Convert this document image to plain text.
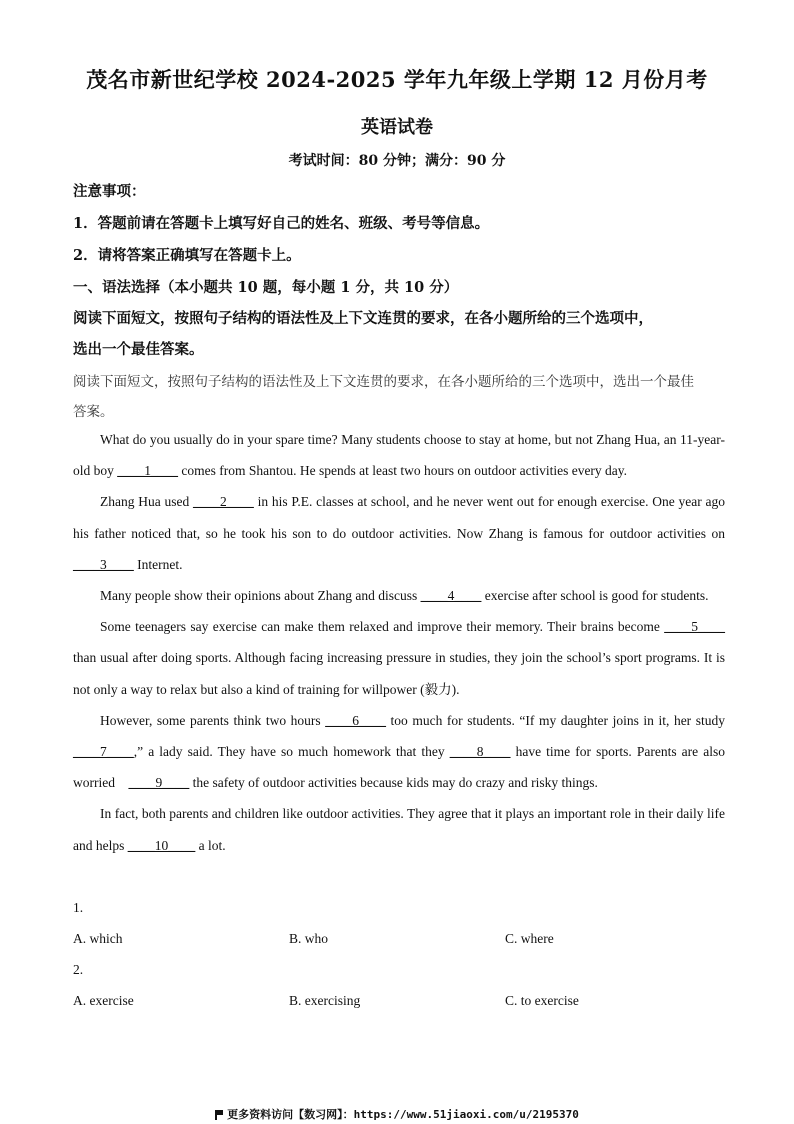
茂名市新世纪学校 2024-2025 学年九年级上学期 12 月份月考
英语试卷
考试时间：80 分钟；满分：90 分
注意事项：
1．答题前请在答题卡上填写好自己的姓名、班级、考号等信息。
2．请将答案正确填写在答题卡上。
一、语法选择（本小题共 10 题，每小题 1 分，共 10 分）
阅读下面短文，按照句子结构的语法性及上下文连贯的要求，在各小题所给的三个选项中，
选出一个最佳答案。
阅读下面短文，按照句子结构的语法性及上下文连贯的要求，在各小题所给的三个选项中，选出一个最佳
答案。

What do you usually do in your spare time? Many students choose to stay at home, but not Zhang Hua, an 11-year-old boy ____1____ comes from Shantou. He spends at least two hours on outdoor activities every day.

Zhang Hua used ____2____ in his P.E. classes at school, and he never went out for enough exercise. One year ago his father noticed that, so he took his son to do outdoor activities. Now Zhang is famous for outdoor activities on ____3____ Internet.

Many people show their opinions about Zhang and discuss ____4____ exercise after school is good for students.

Some teenagers say exercise can make them relaxed and improve their memory. Their brains become ____5____ than usual after doing sports. Although facing increasing pressure in studies, they join the school’s sport programs. It is not only a way to relax but also a kind of training for willpower (毅力).

However, some parents think two hours ____6____ too much for students. “If my daughter joins in it, her study ____7____,” a lady said. They have so much homework that they ____8____ have time for sports. Parents are also worried    ____9____ the safety of outdoor activities because kids may do crazy and risky things.

In fact, both parents and children like outdoor activities. They agree that it plays an important role in their daily life and helps ____10____ a lot.

1.
A. which	B. who	C. where
2.
A. exercise	B. exercising	C. to exercise
更多资料访问【数习网】：https://www.51jiaoxi.com/u/2195370
